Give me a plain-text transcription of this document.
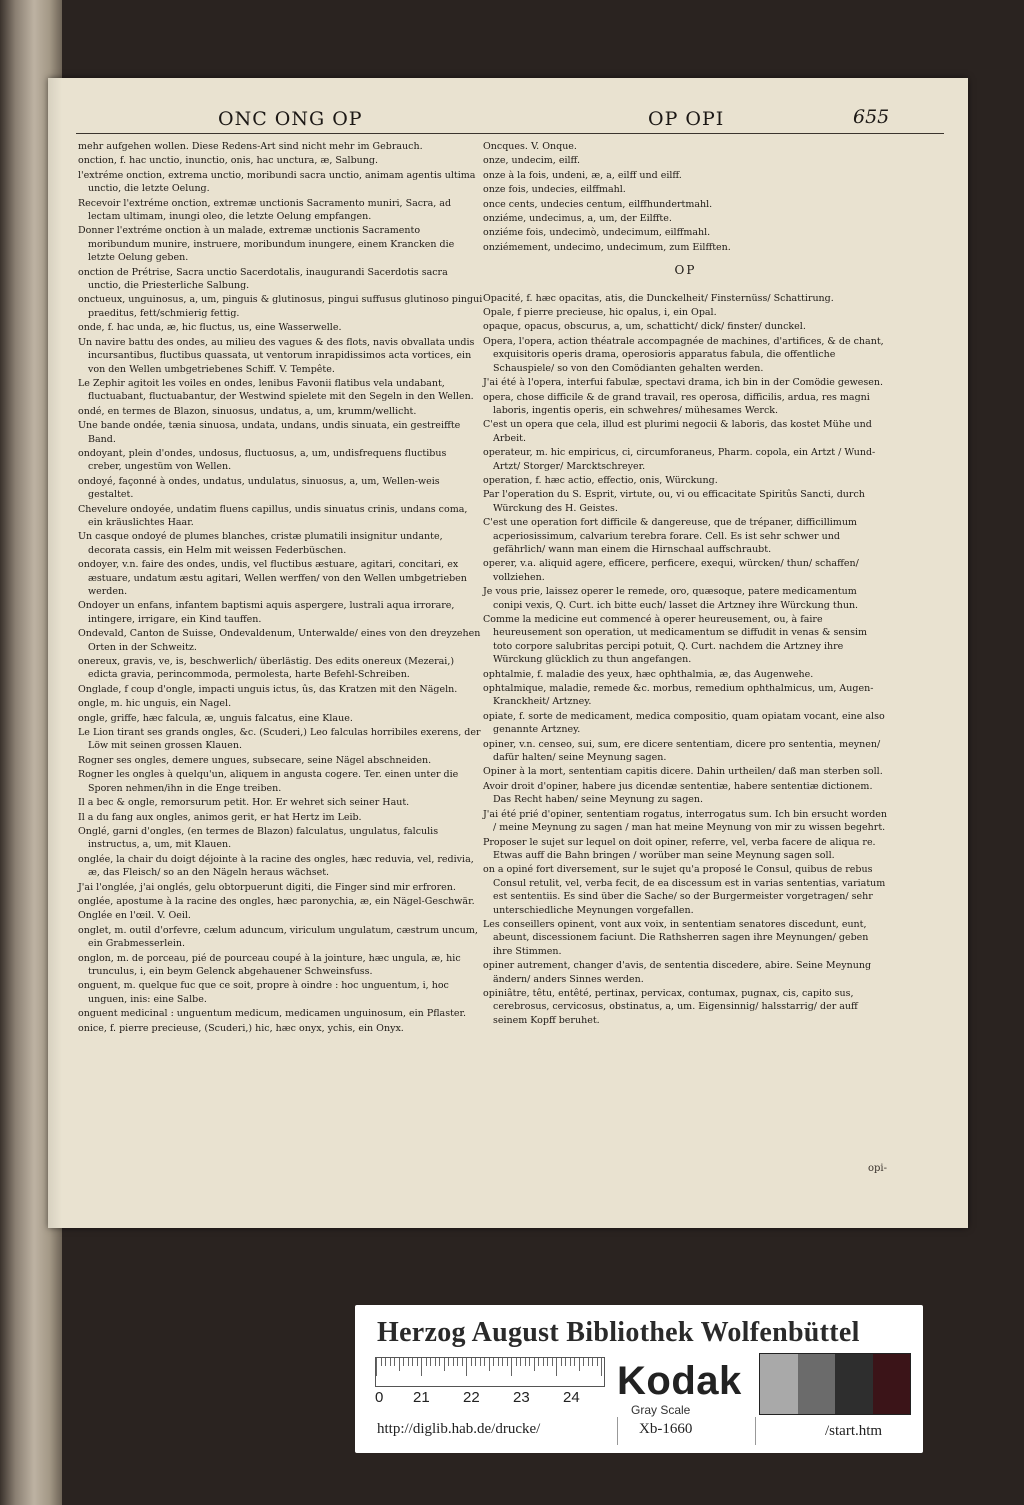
ONC ONG OP	OP OPI	655
mehr aufgehen wollen. Diese Redens-Art sind nicht mehr im Gebrauch.
onction, f. hac unctio, inunctio, onis, hac unctura, æ, Salbung.
l'extréme onction, extrema unctio, moribundi sacra unctio, animam agentis ultima unctio, die letzte Oelung.
Recevoir l'extréme onction, extremæ unctionis Sacramento muniri, Sacra, ad lectam ultimam, inungi oleo, die letzte Oelung empfangen.
Donner l'extréme onction à un malade, extremæ unctionis Sacramento moribundum munire, instruere, moribundum inungere, einem Krancken die letzte Oelung geben.
onction de Prétrise, Sacra unctio Sacerdotalis, inaugurandi Sacerdotis sacra unctio, die Priesterliche Salbung.
onctueux, unguinosus, a, um, pinguis & glutinosus, pingui suffusus glutinoso pingui praeditus, fett/schmierig fettig.
onde, f. hac unda, æ, hic fluctus, us, eine Wasserwelle.
Un navire battu des ondes, au milieu des vagues & des flots, navis obvallata undis incursantibus, fluctibus quassata, ut ventorum inrapidissimos acta vortices, ein von den Wellen umbgetriebenes Schiff. V. Tempête.
Le Zephir agitoit les voiles en ondes, lenibus Favonii flatibus vela undabant, fluctuabant, fluctuabantur, der Westwind spielete mit den Segeln in den Wellen.
ondé, en termes de Blazon, sinuosus, undatus, a, um, krumm/wellicht.
Une bande ondée, tænia sinuosa, undata, undans, undis sinuata, ein gestreiffte Band.
ondoyant, plein d'ondes, undosus, fluctuosus, a, um, undisfrequens fluctibus creber, ungestüm von Wellen.
ondoyé, façonné à ondes, undatus, undulatus, sinuosus, a, um, Wellen-weis gestaltet.
Chevelure ondoyée, undatim fluens capillus, undis sinuatus crinis, undans coma, ein kräuslichtes Haar.
Un casque ondoyé de plumes blanches, cristæ plumatili insignitur undante, decorata cassis, ein Helm mit weissen Federbüschen.
ondoyer, v.n. faire des ondes, undis, vel fluctibus æstuare, agitari, concitari, ex æstuare, undatum æstu agitari, Wellen werffen/ von den Wellen umbgetrieben werden.
Ondoyer un enfans, infantem baptismi aquis aspergere, lustrali aqua irrorare, intingere, irrigare, ein Kind tauffen.
Ondevald, Canton de Suisse, Ondevaldenum, Unterwalde/ eines von den dreyzehen Orten in der Schweitz.
onereux, gravis, ve, is, beschwerlich/ überlästig. Des edits onereux (Mezerai,) edicta gravia, perincommoda, permolesta, harte Befehl-Schreiben.
Onglade, f coup d'ongle, impacti unguis ictus, ûs, das Kratzen mit den Nägeln.
ongle, m. hic unguis, ein Nagel.
ongle, griffe, hæc falcula, æ, unguis falcatus, eine Klaue.
Le Lion tirant ses grands ongles, &c. (Scuderi,) Leo falculas horribiles exerens, der Löw mit seinen grossen Klauen.
Rogner ses ongles, demere ungues, subsecare, seine Nägel abschneiden.
Rogner les ongles à quelqu'un, aliquem in angusta cogere. Ter. einen unter die Sporen nehmen/ihn in die Enge treiben.
Il a bec & ongle, remorsurum petit. Hor. Er wehret sich seiner Haut.
Il a du fang aux ongles, animos gerit, er hat Hertz im Leib.
Onglé, garni d'ongles, (en termes de Blazon) falculatus, ungulatus, falculis instructus, a, um, mit Klauen.
onglée, la chair du doigt déjointe à la racine des ongles, hæc reduvia, vel, redivia, æ, das Fleisch/ so an den Nägeln heraus wächset.
J'ai l'onglée, j'ai onglés, gelu obtorpuerunt digiti, die Finger sind mir erfroren.
onglée, apostume à la racine des ongles, hæc paronychia, æ, ein Nägel-Geschwär.
Onglée en l'œil. V. Oeil.
onglet, m. outil d'orfevre, cælum aduncum, viriculum ungulatum, cæstrum uncum, ein Grabmesserlein.
onglon, m. de porceau, pié de pourceau coupé à la jointure, hæc ungula, æ, hic trunculus, i, ein beym Gelenck abgehauener Schweinsfuss.
onguent, m. quelque fuc que ce soit, propre à oindre : hoc unguentum, i, hoc unguen, inis: eine Salbe.
onguent medicinal : unguentum medicum, medicamen unguinosum, ein Pflaster.
onice, f. pierre precieuse, (Scuderi,) hic, hæc onyx, ychis, ein Onyx.
Oncques. V. Onque.
onze, undecim, eilff.
onze à la fois, undeni, æ, a, eilff und eilff.
onze fois, undecies, eilffmahl.
once cents, undecies centum, eilffhundertmahl.
onziéme, undecimus, a, um, der Eilffte.
onziéme fois, undecimò, undecimum, eilffmahl.
onziémement, undecimo, undecimum, zum Eilfften.
OP
Opacité, f. hæc opacitas, atis, die Dunckelheit/ Finsternüss/ Schattirung.
Opale, f pierre precieuse, hic opalus, i, ein Opal.
opaque, opacus, obscurus, a, um, schatticht/ dick/ finster/ dunckel.
Opera, l'opera, action théatrale accompagnée de machines, d'artifices, & de chant, exquisitoris operis drama, operosioris apparatus fabula, die offentliche Schauspiele/ so von den Comödianten gehalten werden.
J'ai été à l'opera, interfui fabulæ, spectavi drama, ich bin in der Comödie gewesen.
opera, chose difficile & de grand travail, res operosa, difficilis, ardua, res magni laboris, ingentis operis, ein schwehres/ mühesames Werck.
C'est un opera que cela, illud est plurimi negocii & laboris, das kostet Mühe und Arbeit.
operateur, m. hic empiricus, ci, circumforaneus, Pharm. copola, ein Artzt / Wund-Artzt/ Storger/ Marcktschreyer.
operation, f. hæc actio, effectio, onis, Würckung.
Par l'operation du S. Esprit, virtute, ou, vi ou efficacitate Spiritûs Sancti, durch Würckung des H. Geistes.
C'est une operation fort difficile & dangereuse, que de trépaner, difficillimum acperiosissimum, calvarium terebra forare. Cell. Es ist sehr schwer und gefährlich/ wann man einem die Hirnschaal auffschraubt.
operer, v.a. aliquid agere, efficere, perficere, exequi, würcken/ thun/ schaffen/ vollziehen.
Je vous prie, laissez operer le remede, oro, quæsoque, patere medicamentum conipi vexis, Q. Curt. ich bitte euch/ lasset die Artzney ihre Würckung thun.
Comme la medicine eut commencé à operer heureusement, ou, à faire heureusement son operation, ut medicamentum se diffudit in venas & sensim toto corpore salubritas percipi potuit, Q. Curt. nachdem die Artzney ihre Würckung glücklich zu thun angefangen.
ophtalmie, f. maladie des yeux, hæc ophthalmia, æ, das Augenwehe.
ophtalmique, maladie, remede &c. morbus, remedium ophthalmicus, um, Augen-Kranckheit/ Artzney.
opiate, f. sorte de medicament, medica compositio, quam opiatam vocant, eine also genannte Artzney.
opiner, v.n. censeo, sui, sum, ere dicere sententiam, dicere pro sententia, meynen/ dafür halten/ seine Meynung sagen.
Opiner à la mort, sententiam capitis dicere. Dahin urtheilen/ daß man sterben soll.
Avoir droit d'opiner, habere jus dicendæ sententiæ, habere sententiæ dictionem. Das Recht haben/ seine Meynung zu sagen.
J'ai été prié d'opiner, sententiam rogatus, interrogatus sum. Ich bin ersucht worden / meine Meynung zu sagen / man hat meine Meynung von mir zu wissen begehrt.
Proposer le sujet sur lequel on doit opiner, referre, vel, verba facere de aliqua re. Etwas auff die Bahn bringen / worüber man seine Meynung sagen soll.
on a opiné fort diversement, sur le sujet qu'a proposé le Consul, quibus de rebus Consul retulit, vel, verba fecit, de ea discessum est in varias sententias, variatum est sententiis. Es sind über die Sache/ so der Burgermeister vorgetragen/ sehr unterschiedliche Meynungen vorgefallen.
Les conseillers opinent, vont aux voix, in sententiam senatores discedunt, eunt, abeunt, discessionem faciunt. Die Rathsherren sagen ihre Meynungen/ geben ihre Stimmen.
opiner autrement, changer d'avis, de sententia discedere, abire. Seine Meynung ändern/ anders Sinnes werden.
opiniâtre, têtu, entêté, pertinax, pervicax, contumax, pugnax, cis, capito sus, cerebrosus, cervicosus, obstinatus, a, um. Eigensinnig/ halsstarrig/ der auff seinem Kopff beruhet.
opi-
Herzog August Bibliothek Wolfenbüttel
0 21 22 23 24 Kodak
Gray Scale
http://diglib.hab.de/drucke/	Xb-1660	/start.htm
